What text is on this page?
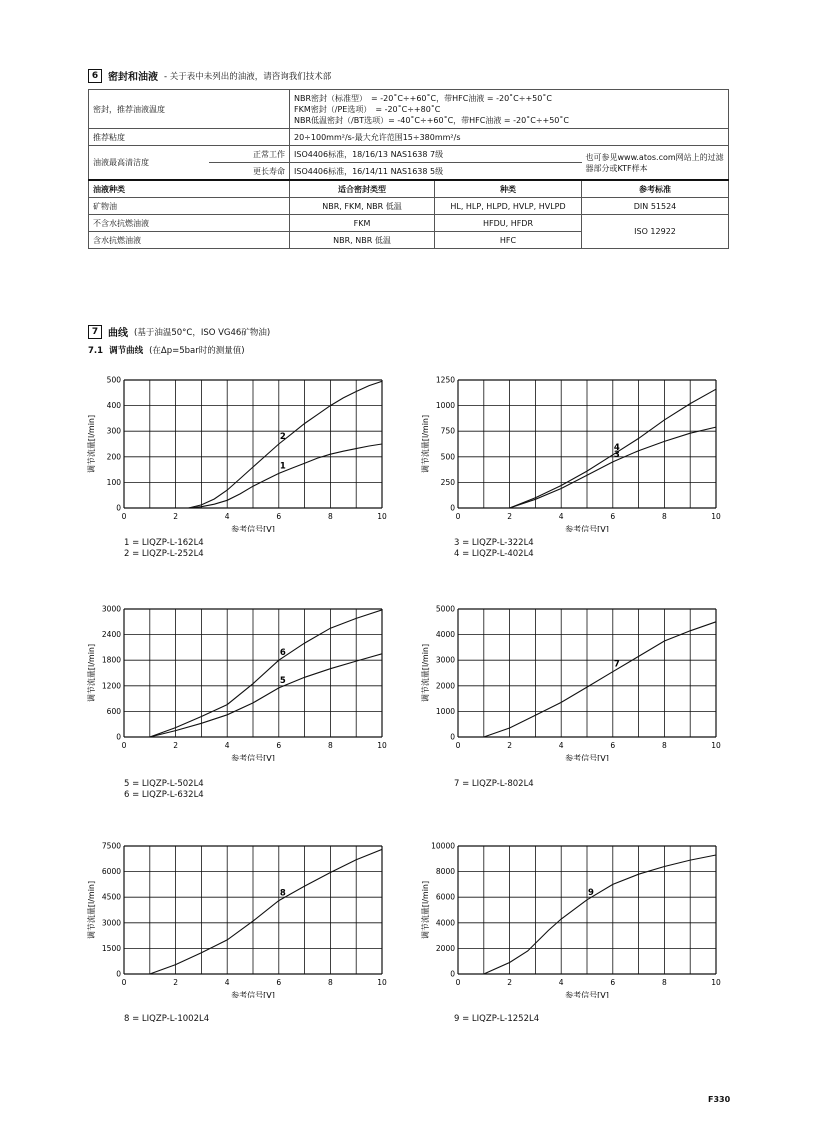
6 密封和油液 - 关于表中未列出的油液，请咨询我们技术部
密封，推荐油液温度		NBR密封（标准型）　= -20˚C÷+60˚C，带HFC油液 = -20˚C÷+50˚C
FKM密封（/PE选项）　= -20˚C÷+80˚C
NBR低温密封（/BT选项）= -40˚C÷+60˚C，带HFC油液 = -20˚C÷+50˚C		

推荐粘度		20÷100mm²/s-最大允许范围15÷380mm²/s		
油液最高清洁度	正常工作	ISO4406标准，18/16/13 NAS1638 7级		也可参见www.atos.com网站上的过滤器部分或KTF样本
	更长寿命	ISO4406标准，16/14/11 NAS1638 5级		
油液种类		适合密封类型	种类	参考标准
矿物油		NBR, FKM, NBR 低温	HL, HLP, HLPD, HVLP, HVLPD	DIN 51524
不含水抗燃油液		FKM	HFDU, HFDR	ISO 12922
含水抗燃油液		NBR, NBR 低温	HFC	
7 曲线 (基于油温50°C，ISO VG46矿物油)
7.1 调节曲线 (在Δp=5bar时的测量值)
0	2	4	6	8	10
0
100
200
300
400
500
参考信号[V]
调节流量[l/min]	1
2
1 = LIQZP-L-162L4
2 = LIQZP-L-252L4
0	2	4	6	8	10
0
250
500
750
1000
1250
参考信号[V]
调节流量[l/min]	3
4
3 = LIQZP-L-322L4
4 = LIQZP-L-402L4
0	2	4	6	8	10
0
600
1200
1800
2400
3000
参考信号[V]
调节流量[l/min]	5
6
5 = LIQZP-L-502L4
6 = LIQZP-L-632L4
0	2	4	6	8	10
0
1000
2000
3000
4000
5000
参考信号[V]
调节流量[l/min]	7
7 = LIQZP-L-802L4
0	2	4	6	8	10
0
1500
3000
4500
6000
7500
参考信号[V]
调节流量[l/min]	8
8 = LIQZP-L-1002L4
0	2	4	6	8	10
0
2000
4000
6000
8000
10000
参考信号[V]
调节流量[l/min]	9
9 = LIQZP-L-1252L4
F330
